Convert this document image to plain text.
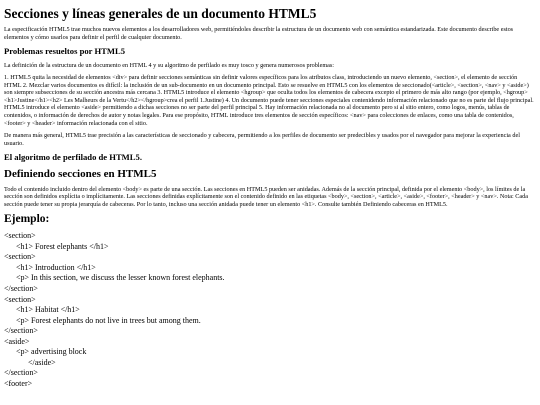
Secciones y líneas generales de un documento HTML5

La especificación HTML5 trae muchos nuevos elementos a los desarrolladores web, permitiéndoles describir la estructura de un documento web con semántica estandarizada. Este documento describe estos elementos y cómo usarlos para definir el perfil de cualquier documento.

Problemas resueltos por HTML5

La definición de la estructura de un documento en HTML 4 y su algoritmo de perfilado es muy tosco y genera numerosos problemas:

1. HTML5 quita la necesidad de elementos <div> para definir secciones semánticas sin definir valores específicos para los atributos class, introduciendo un nuevo elemento, <section>, el elemento de sección HTML 2. Mezclar varios documentos es difícil: la inclusión de un sub-documento en un documento principal. Esto se resuelve en HTML5 con los elementos de seccionado(<article>, <section>, <nav> y <aside>) son siempre subsecciones de su sección ancestra más cercana 3. HTML5 introduce el elemento <hgroup> que oculta todos los elementos de cabecera excepto el primero de más alto rango (por ejemplo, <hgroup><h1>Justine</h1><h2> Les Malheurs de la Vertu</h2></hgroup>crea el perfil 1.Justine) 4. Un documento puede tener secciones especiales contenidendo información relacionado que no es parte del flujo principal. HTML5 introduce el elemento <aside> permitiendo a dichas secciones no ser parte del perfil principal 5. Hay información relacionada no al documento pero si al sitio entero, como logos, menús, tablas de contenidos, o información de derechos de autor y notas legales. Para ese propósito, HTML introduce tres elementos de sección específicos: <nav> para colecciones de enlaces, como una tabla de contenidos, <footer> y <header> información relacionada con el sitio.

De manera más general, HTML5 trae precisión a las características de seccionado y cabecera, permitiendo a los perfiles de documento ser predecibles y usados por el navegador para mejorar la experiencia del usuario.

El algoritmo de perfilado de HTML5.
Definiendo secciones en HTML5

Todo el contenido incluido dentro del elemento <body> es parte de una sección. Las secciones en HTML5 pueden ser anidadas. Además de la sección principal, definida por el elemento <body>, los límites de la sección son definidos explícita o implícitamente. Las secciones definidas explícitamente son el contenido definido en las etiquetas <body>, <section>, <article>, <aside>, <footer>, <header> y <nav>. Nota: Cada sección puede tener su propia jerarquía de cabeceras. Por lo tanto, incluso una sección anidada puede tener un elemento <h1>. Consulte también Definiendo cabeceras en HTML5.

Ejemplo:
<section>
<h1> Forest elephants </h1>
<section>
<h1> Introduction </h1>
<p> In this section, we discuss the lesser known forest elephants.
</section>
<section>
<h1> Habitat </h1>
<p> Forest elephants do not live in trees but among them.
</section>
<aside>
<p> advertising block
</aside>
</section>
<footer>
